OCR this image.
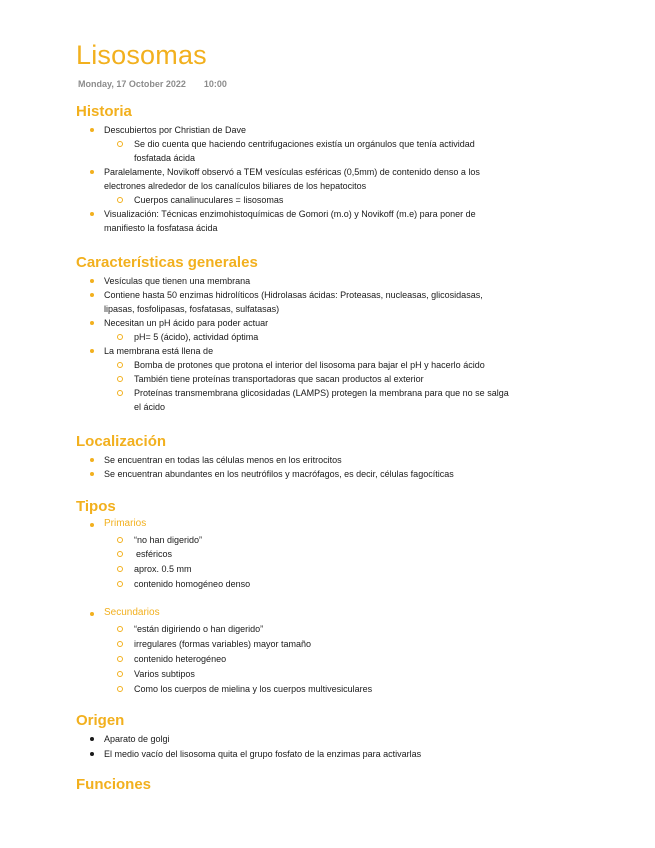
Lisosomas
Monday, 17 October 2022 10:00
Historia
Descubiertos por Christian de Dave
Se dio cuenta que haciendo centrifugaciones existía un orgánulos que tenía actividad
fosfatada ácida
Paralelamente, Novikoff observó a TEM vesículas esféricas (0,5mm) de contenido denso a los
electrones alrededor de los canalículos biliares de los hepatocitos
Cuerpos canalinuculares = lisosomas
Visualización: Técnicas enzimohistoquímicas de Gomori (m.o) y Novikoff (m.e) para poner de
manifiesto la fosfatasa ácida
Características generales
Vesículas que tienen una membrana
Contiene hasta 50 enzimas hidrolíticos (Hidrolasas ácidas: Proteasas, nucleasas, glicosidasas,
lipasas, fosfolipasas, fosfatasas, sulfatasas)
Necesitan un pH ácido para poder actuar
pH= 5 (ácido), actividad óptima
La membrana está llena de
Bomba de protones que protona el interior del lisosoma para bajar el pH y hacerlo ácido
También tiene proteínas transportadoras que sacan productos al exterior
Proteínas transmembrana glicosidadas (LAMPS) protegen la membrana para que no se salga
el ácido
Localización
Se encuentran en todas las células menos en los eritrocitos
Se encuentran abundantes en los neutrófilos y macrófagos, es decir, células fagocíticas
Tipos
Primarios
“no han digerido”
esféricos
aprox. 0.5 mm
contenido homogéneo denso
Secundarios
“están digiriendo o han digerido”
irregulares (formas variables) mayor tamaño
contenido heterogéneo
Varios subtipos
Como los cuerpos de mielina y los cuerpos multivesiculares
Origen
Aparato de golgi
El medio vacío del lisosoma quita el grupo fosfato de la enzimas para activarlas
Funciones
